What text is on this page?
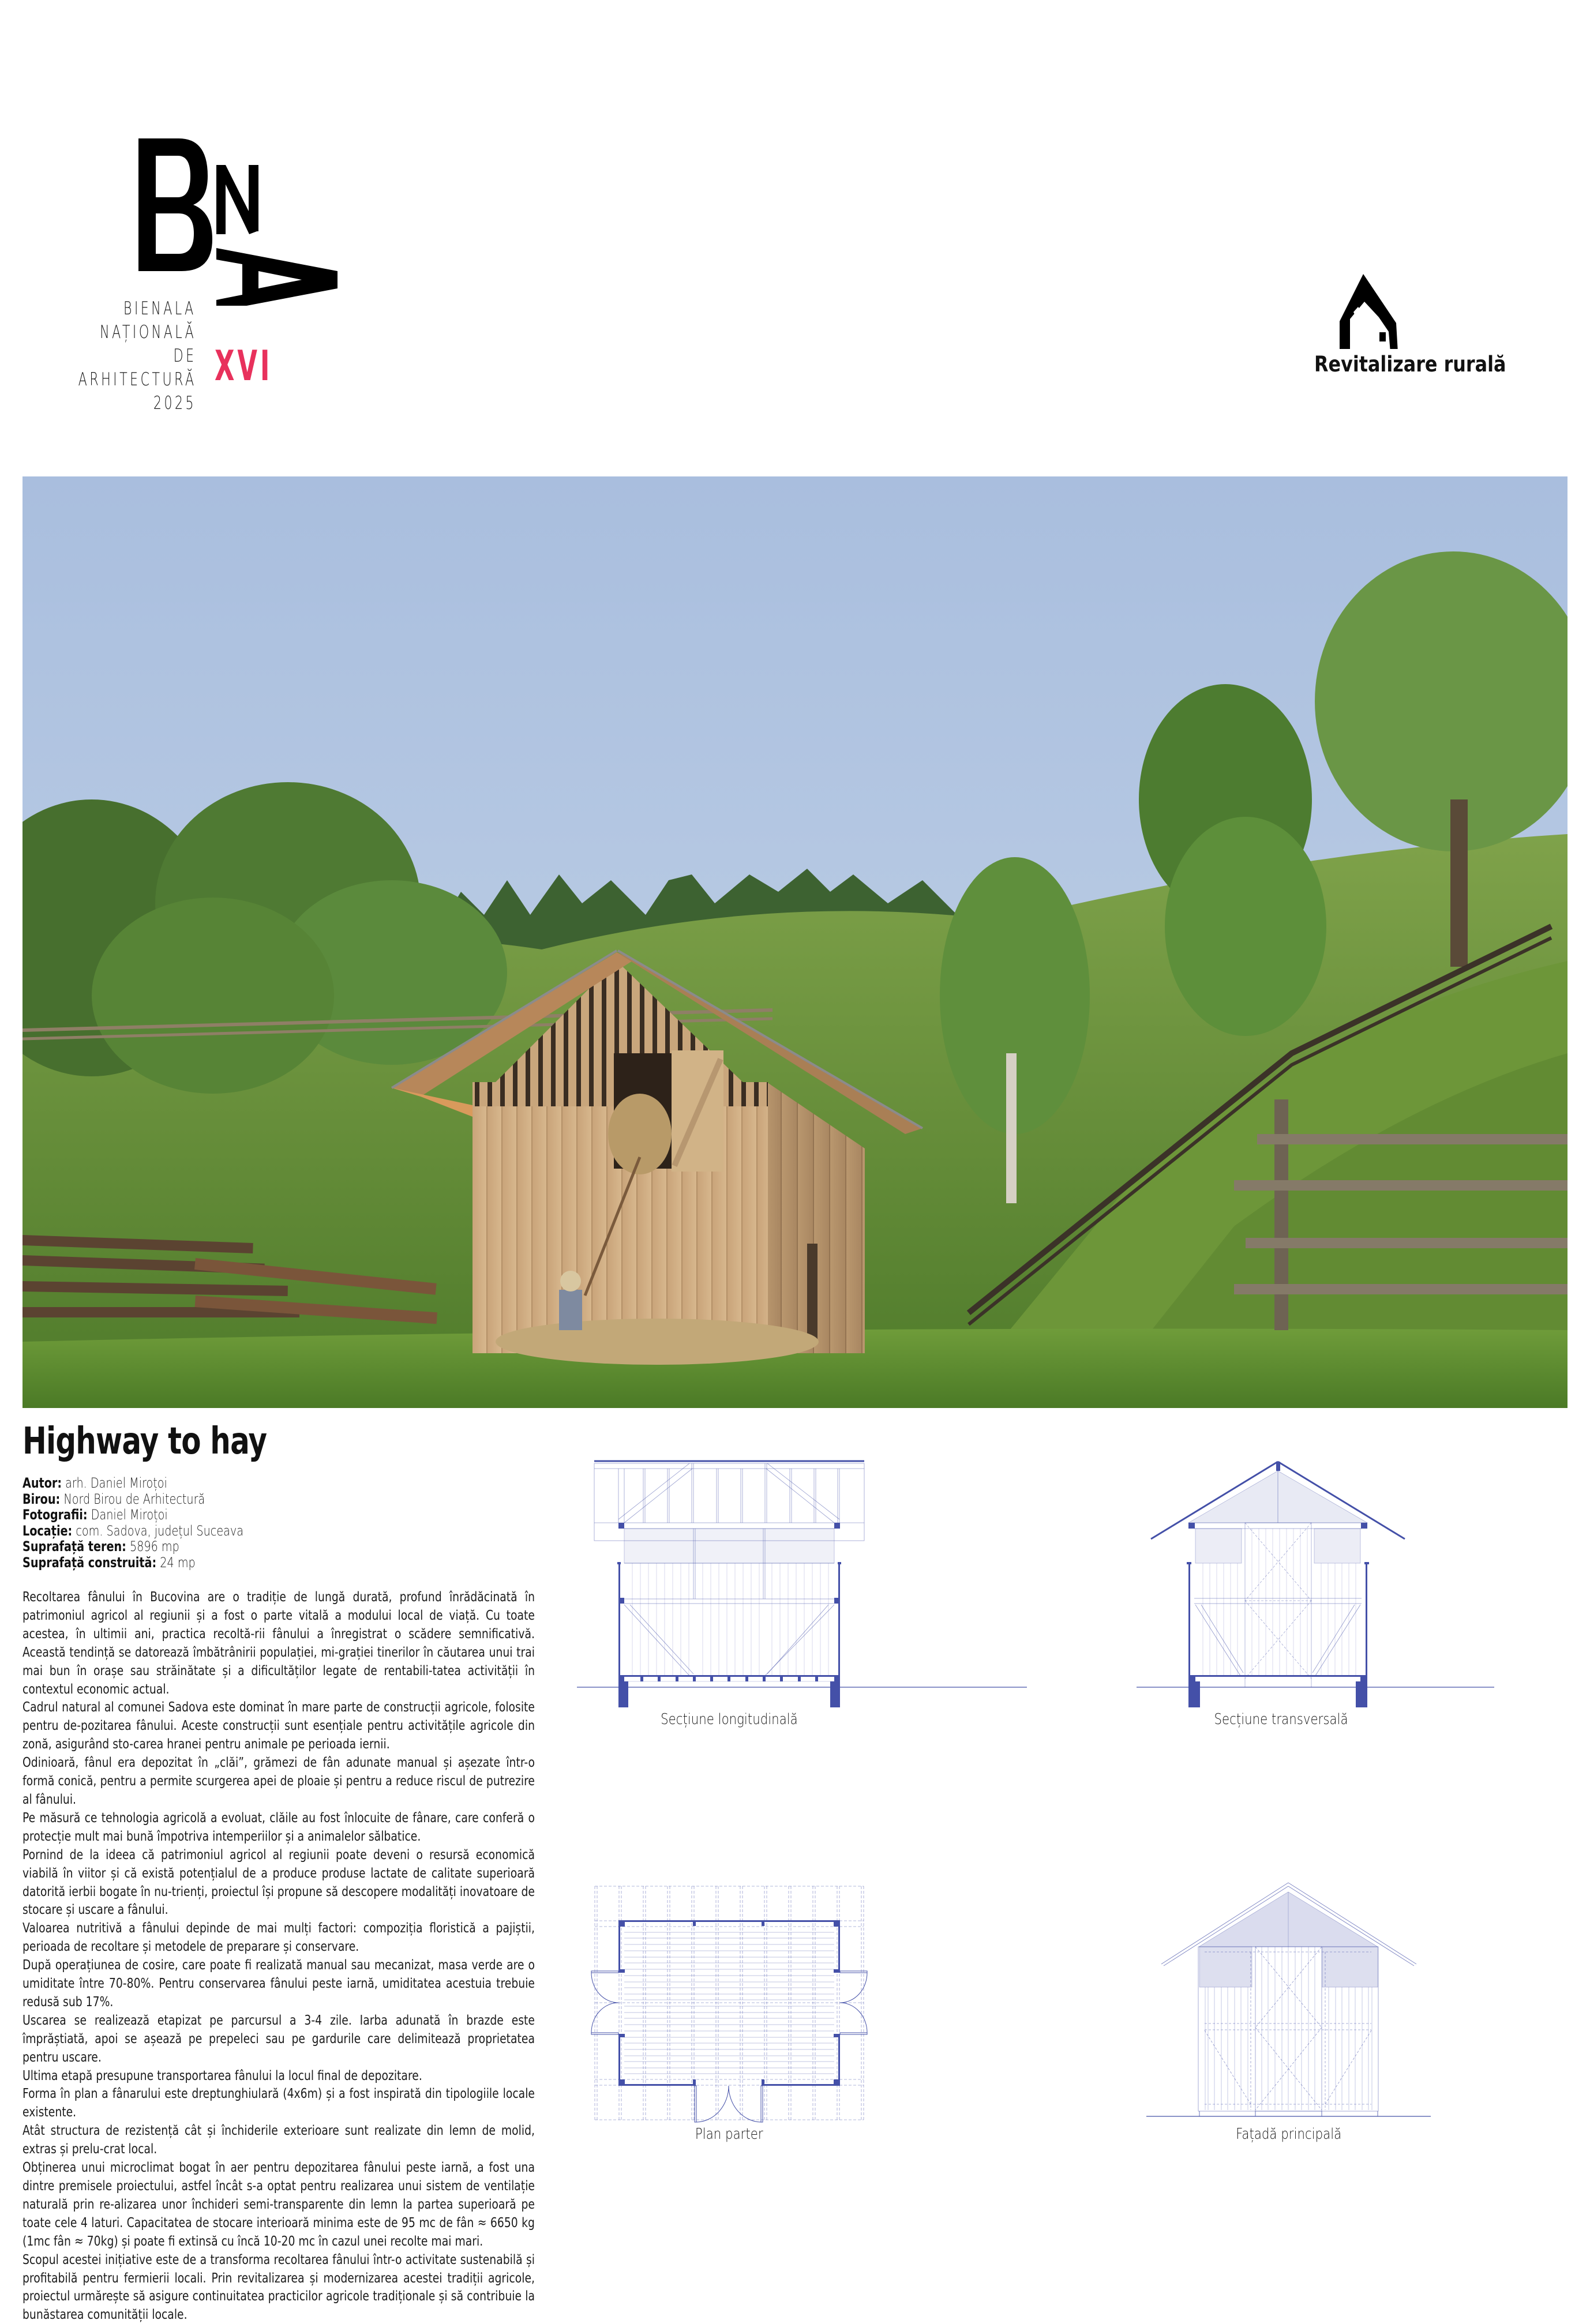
BIENALA
NAȚIONALĂ
DE
ARHITECTURĂ
2025
XVI	Revitalizare rurală
Highway to hay
Autor: arh. Daniel Miroțoi
Birou: Nord Birou de Arhitectură
Fotografii: Daniel Miroțoi
Locație: com. Sadova, județul Suceava
Suprafață teren: 5896 mp
Suprafață construită: 24 mp

Recoltarea fânului în Bucovina are o tradiție de lungă durată, profund înrădăcinată în patrimoniul agricol al regiunii și a fost o parte vitală a modului local de viață. Cu toate acestea, în ultimii ani, practica recoltă-rii fânului a înregistrat o scădere semnificativă. Această tendință se datorează îmbătrânirii populației, mi-grației tinerilor în căutarea unui trai mai bun în orașe sau străinătate și a dificultăților legate de rentabili-tatea activității în contextul economic actual.

Cadrul natural al comunei Sadova este dominat în mare parte de construcții agricole, folosite pentru de-pozitarea fânului. Aceste construcții sunt esențiale pentru activitățile agricole din zonă, asigurând sto-carea hranei pentru animale pe perioada iernii.

Odinioară, fânul era depozitat în „clăi”, grămezi de fân adunate manual și așezate într-o formă conică, pentru a permite scurgerea apei de ploaie și pentru a reduce riscul de putrezire al fânului.

Pe măsură ce tehnologia agricolă a evoluat, clăile au fost înlocuite de fânare, care conferă o protecție mult mai bună împotriva intemperiilor și a animalelor sălbatice.

Pornind de la ideea că patrimoniul agricol al regiunii poate deveni o resursă economică viabilă în viitor și că există potențialul de a produce produse lactate de calitate superioară datorită ierbii bogate în nu-trienți, proiectul își propune să descopere modalități inovatoare de stocare și uscare a fânului.

Valoarea nutritivă a fânului depinde de mai mulți factori: compoziția floristică a pajiștii, perioada de recoltare și metodele de preparare și conservare.

După operațiunea de cosire, care poate fi realizată manual sau mecanizat, masa verde are o umiditate între 70-80%. Pentru conservarea fânului peste iarnă, umiditatea acestuia trebuie redusă sub 17%.

Uscarea se realizează etapizat pe parcursul a 3-4 zile. Iarba adunată în brazde este împrăștiată, apoi se așează pe prepeleci sau pe gardurile care delimitează proprietatea pentru uscare.

Ultima etapă presupune transportarea fânului la locul final de depozitare.

Forma în plan a fânarului este dreptunghiulară (4x6m) și a fost inspirată din tipologiile locale existente.

Atât structura de rezistență cât și închiderile exterioare sunt realizate din lemn de molid, extras și prelu-crat local.

Obținerea unui microclimat bogat în aer pentru depozitarea fânului peste iarnă, a fost una dintre premisele proiectului, astfel încât s-a optat pentru realizarea unui sistem de ventilație naturală prin re-alizarea unor închideri semi-transparente din lemn la partea superioară pe toate cele 4 laturi. Capacitatea de stocare interioară minima este de 95 mc de fân ≈ 6650 kg (1mc fân ≈ 70kg) și poate fi extinsă cu încă 10-20 mc în cazul unei recolte mai mari.

Scopul acestei inițiative este de a transforma recoltarea fânului într-o activitate sustenabilă și profitabilă pentru fermierii locali. Prin revitalizarea și modernizarea acestei tradiții agricole, proiectul urmărește să asigure continuitatea practicilor agricole tradiționale și să contribuie la bunăstarea comunității locale.

Secțiune longitudinală	Secțiune transversală
Plan parter	Fațadă principală
